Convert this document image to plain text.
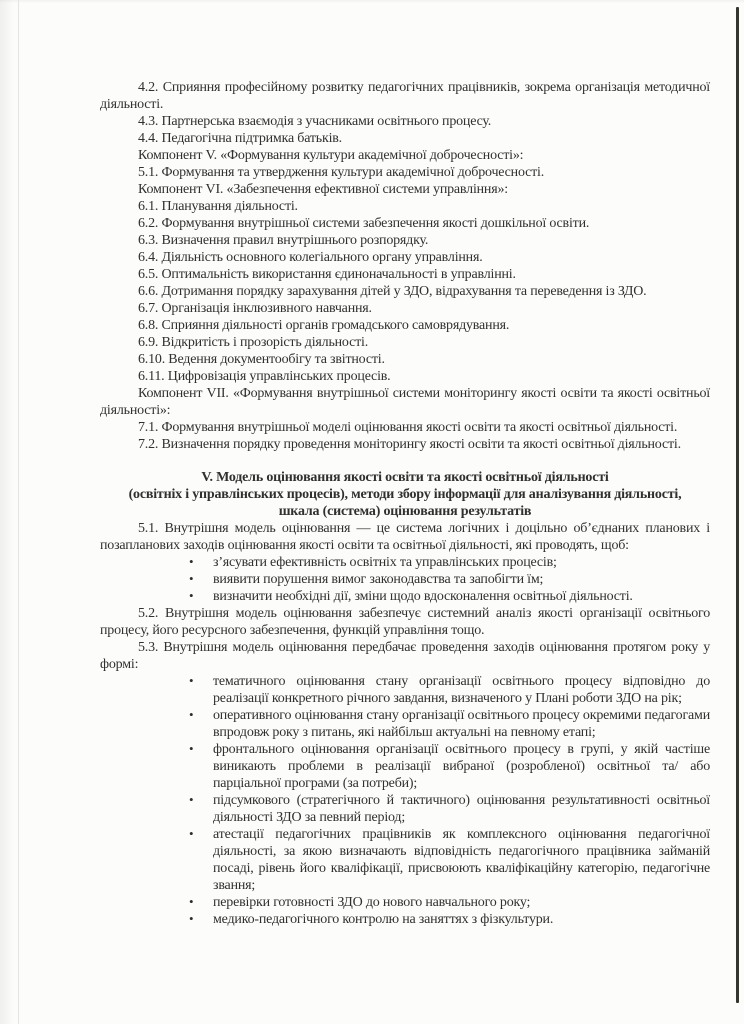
4.2. Сприяння професійному розвитку педагогічних працівників, зокрема організація методичної діяльності.

4.3. Партнерська взаємодія з учасниками освітнього процесу.

4.4. Педагогічна підтримка батьків.

Компонент V. «Формування культури академічної доброчесності»:

5.1. Формування та утвердження культури академічної доброчесності.

Компонент VI. «Забезпечення ефективної системи управління»:

6.1. Планування діяльності.

6.2. Формування внутрішньої системи забезпечення якості дошкільної освіти.

6.3. Визначення правил внутрішнього розпорядку.

6.4. Діяльність основного колегіального органу управління.

6.5. Оптимальність використання єдиноначальності в управлінні.

6.6. Дотримання порядку зарахування дітей у ЗДО, відрахування та переведення із ЗДО.

6.7. Організація інклюзивного навчання.

6.8. Сприяння діяльності органів громадського самоврядування.

6.9. Відкритість і прозорість діяльності.

6.10. Ведення документообігу та звітності.

6.11. Цифровізація управлінських процесів.

Компонент VII. «Формування внутрішньої системи моніторингу якості освіти та якості освітньої діяльності»:

7.1. Формування внутрішньої моделі оцінювання якості освіти та якості освітньої діяльності.

7.2. Визначення порядку проведення моніторингу якості освіти та якості освітньої діяльності.

V. Модель оцінювання якості освіти та якості освітньої діяльності
(освітніх і управлінських процесів), методи збору інформації для аналізування діяльності,
шкала (система) оцінювання результатів

5.1. Внутрішня модель оцінювання — це система логічних і доцільно об’єднаних планових і позапланових заходів оцінювання якості освіти та освітньої діяльності, які проводять, щоб:

• з’ясувати ефективність освітніх та управлінських процесів;
• виявити порушення вимог законодавства та запобігти їм;
• визначити необхідні дії, зміни щодо вдосконалення освітньої діяльності.

5.2. Внутрішня модель оцінювання забезпечує системний аналіз якості організації освітнього процесу, його ресурсного забезпечення, функцій управління тощо.

5.3. Внутрішня модель оцінювання передбачає проведення заходів оцінювання протягом року у формі:

• тематичного оцінювання стану організації освітнього процесу відповідно до реалізації конкретного річного завдання, визначеного у Плані роботи ЗДО на рік;
• оперативного оцінювання стану організації освітнього процесу окремими педагогами впродовж року з питань, які найбільш актуальні на певному етапі;
• фронтального оцінювання організації освітнього процесу в групі, у якій частіше виникають проблеми в реалізації вибраної (розробленої) освітньої та/ або парціальної програми (за потреби);
• підсумкового (стратегічного й тактичного) оцінювання результативності освітньої діяльності ЗДО за певний період;
• атестації педагогічних працівників як комплексного оцінювання педагогічної діяльності, за якою визначають відповідність педагогічного працівника займаній посаді, рівень його кваліфікації, присвоюють кваліфікаційну категорію, педагогічне звання;
• перевірки готовності ЗДО до нового навчального року;
• медико-педагогічного контролю на заняттях з фізкультури.
